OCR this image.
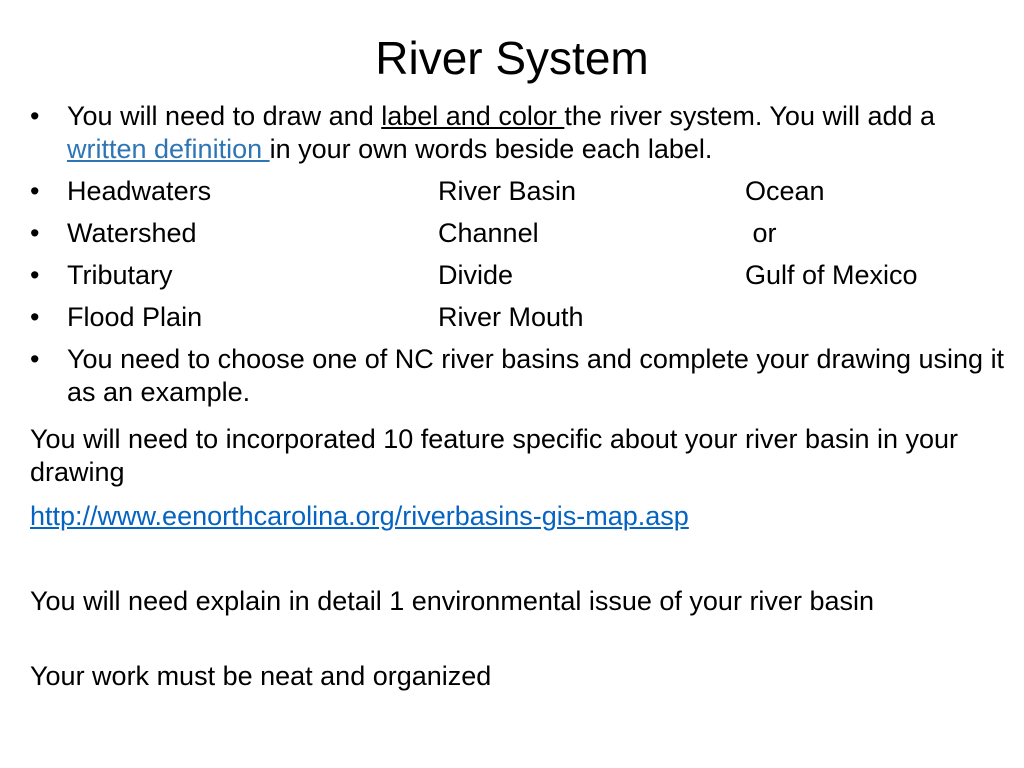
River System
• You will need to draw and label and color the river system. You will add a written definition in your own words beside each label.
• Headwaters	River Basin	Ocean
• Watershed	Channel	or
• Tributary	Divide	Gulf of Mexico
• Flood Plain	River Mouth
• You need to choose one of NC river basins and complete your drawing using it as an example.

You will need to incorporated 10 feature specific about your river basin in your drawing

http://www.eenorthcarolina.org/riverbasins-gis-map.asp

You will need explain in detail 1 environmental issue of your river basin

Your work must be neat and organized
